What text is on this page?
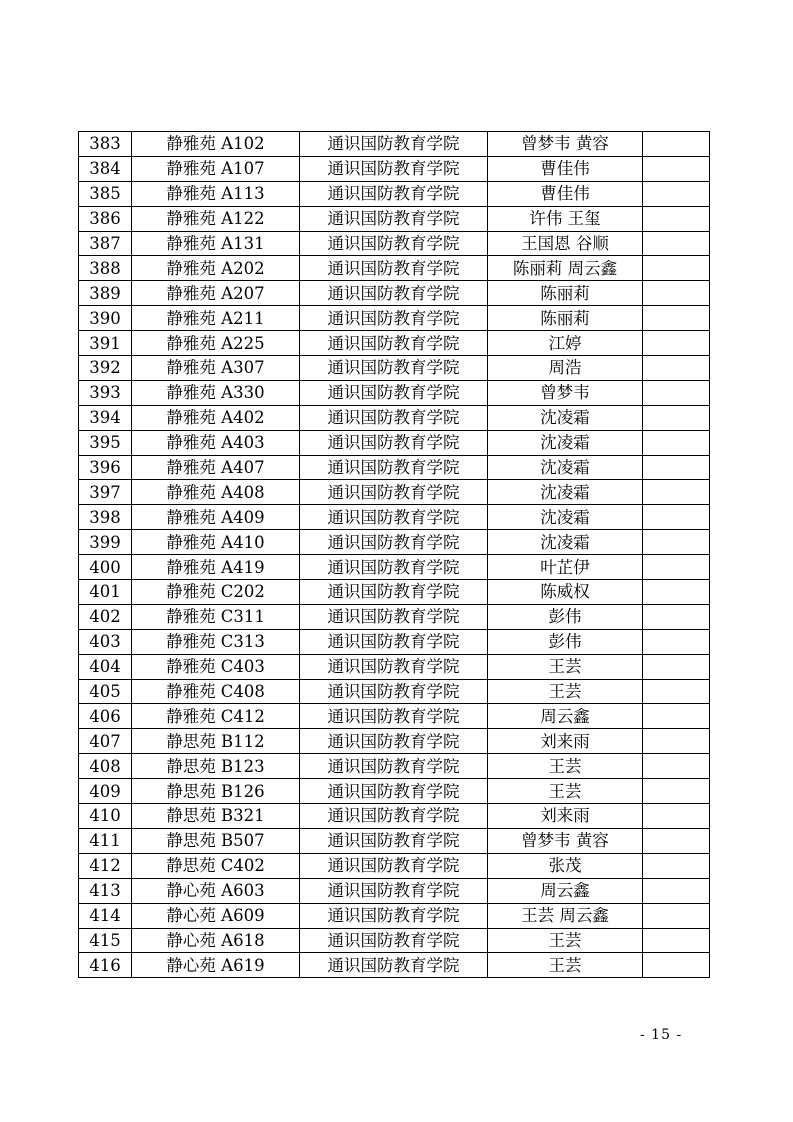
383	静雅苑 A102	通识国防教育学院	曾梦韦 黄容	
384	静雅苑 A107	通识国防教育学院	曹佳伟	
385	静雅苑 A113	通识国防教育学院	曹佳伟	
386	静雅苑 A122	通识国防教育学院	许伟 王玺	
387	静雅苑 A131	通识国防教育学院	王国恩 谷顺	
388	静雅苑 A202	通识国防教育学院	陈丽莉 周云鑫	
389	静雅苑 A207	通识国防教育学院	陈丽莉	
390	静雅苑 A211	通识国防教育学院	陈丽莉	
391	静雅苑 A225	通识国防教育学院	江婷	
392	静雅苑 A307	通识国防教育学院	周浩	
393	静雅苑 A330	通识国防教育学院	曾梦韦	
394	静雅苑 A402	通识国防教育学院	沈凌霜	
395	静雅苑 A403	通识国防教育学院	沈凌霜	
396	静雅苑 A407	通识国防教育学院	沈凌霜	
397	静雅苑 A408	通识国防教育学院	沈凌霜	
398	静雅苑 A409	通识国防教育学院	沈凌霜	
399	静雅苑 A410	通识国防教育学院	沈凌霜	
400	静雅苑 A419	通识国防教育学院	叶芷伊	
401	静雅苑 C202	通识国防教育学院	陈威权	
402	静雅苑 C311	通识国防教育学院	彭伟	
403	静雅苑 C313	通识国防教育学院	彭伟	
404	静雅苑 C403	通识国防教育学院	王芸	
405	静雅苑 C408	通识国防教育学院	王芸	
406	静雅苑 C412	通识国防教育学院	周云鑫	
407	静思苑 B112	通识国防教育学院	刘来雨	
408	静思苑 B123	通识国防教育学院	王芸	
409	静思苑 B126	通识国防教育学院	王芸	
410	静思苑 B321	通识国防教育学院	刘来雨	
411	静思苑 B507	通识国防教育学院	曾梦韦 黄容	
412	静思苑 C402	通识国防教育学院	张茂	
413	静心苑 A603	通识国防教育学院	周云鑫	
414	静心苑 A609	通识国防教育学院	王芸 周云鑫	
415	静心苑 A618	通识国防教育学院	王芸	
416	静心苑 A619	通识国防教育学院	王芸	
- 15 -
